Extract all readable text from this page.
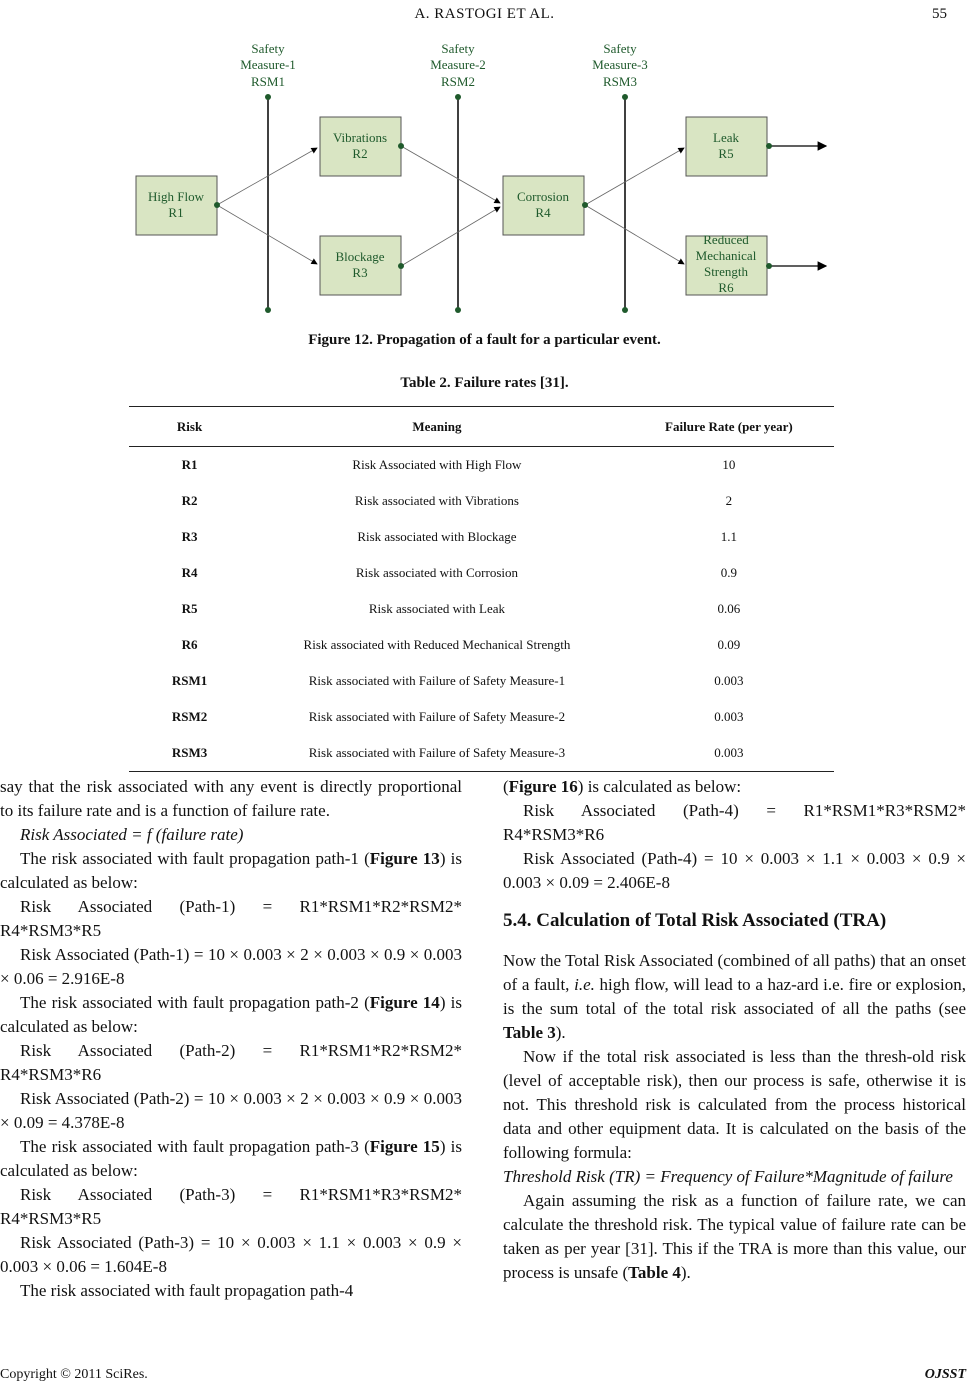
A. RASTOGI ET AL.	55
Safety
Measure-1
RSM1
Safety
Measure-2
RSM2
Safety
Measure-3
RSM3
High Flow
R1
Vibrations
R2
Blockage
R3
Corrosion
R4
Leak
R5
Reduced
Mechanical
Strength
R6
Figure 12. Propagation of a fault for a particular event.
Table 2. Failure rates [31].
Risk	Meaning	Failure Rate (per year)
R1	Risk Associated with High Flow	10
R2	Risk associated with Vibrations	2
R3	Risk associated with Blockage	1.1
R4	Risk associated with Corrosion	0.9
R5	Risk associated with Leak	0.06
R6	Risk associated with Reduced Mechanical Strength	0.09
RSM1	Risk associated with Failure of Safety Measure-1	0.003
RSM2	Risk associated with Failure of Safety Measure-2	0.003
RSM3	Risk associated with Failure of Safety Measure-3	0.003

say that the risk associated with any event is directly proportional to its failure rate and is a function of failure rate.

Risk Associated = f (failure rate)

The risk associated with fault propagation path-1 (Figure 13) is calculated as below:

Risk Associated (Path-1) = R1*RSM1*R2*RSM2* R4*RSM3*R5

Risk Associated (Path-1) = 10 × 0.003 × 2 × 0.003 × 0.9 × 0.003 × 0.06 = 2.916E-8

The risk associated with fault propagation path-2 (Figure 14) is calculated as below:

Risk Associated (Path-2) = R1*RSM1*R2*RSM2* R4*RSM3*R6

Risk Associated (Path-2) = 10 × 0.003 × 2 × 0.003 × 0.9 × 0.003 × 0.09 = 4.378E-8

The risk associated with fault propagation path-3 (Figure 15) is calculated as below:

Risk Associated (Path-3) = R1*RSM1*R3*RSM2* R4*RSM3*R5

Risk Associated (Path-3) = 10 × 0.003 × 1.1 × 0.003 × 0.9 × 0.003 × 0.06 = 1.604E-8

The risk associated with fault propagation path-4

(Figure 16) is calculated as below:

Risk Associated (Path-4) = R1*RSM1*R3*RSM2* R4*RSM3*R6

Risk Associated (Path-4) = 10 × 0.003 × 1.1 × 0.003 × 0.9 × 0.003 × 0.09 = 2.406E-8

5.4. Calculation of Total Risk Associated (TRA)

Now the Total Risk Associated (combined of all paths) that an onset of a fault, i.e. high flow, will lead to a haz-ard i.e. fire or explosion, is the sum total of the total risk associated of all the paths (see Table 3).

Now if the total risk associated is less than the thresh-old risk (level of acceptable risk), then our process is safe, otherwise it is not. This threshold risk is calculated from the process historical data and other equipment data. It is calculated on the basis of the following formula:

Threshold Risk (TR) = Frequency of Failure*Magnitude of failure

Again assuming the risk as a function of failure rate, we can calculate the threshold risk. The typical value of failure rate can be taken as per year [31]. This if the TRA is more than this value, our process is unsafe (Table 4).

Copyright © 2011 SciRes.	OJSST
